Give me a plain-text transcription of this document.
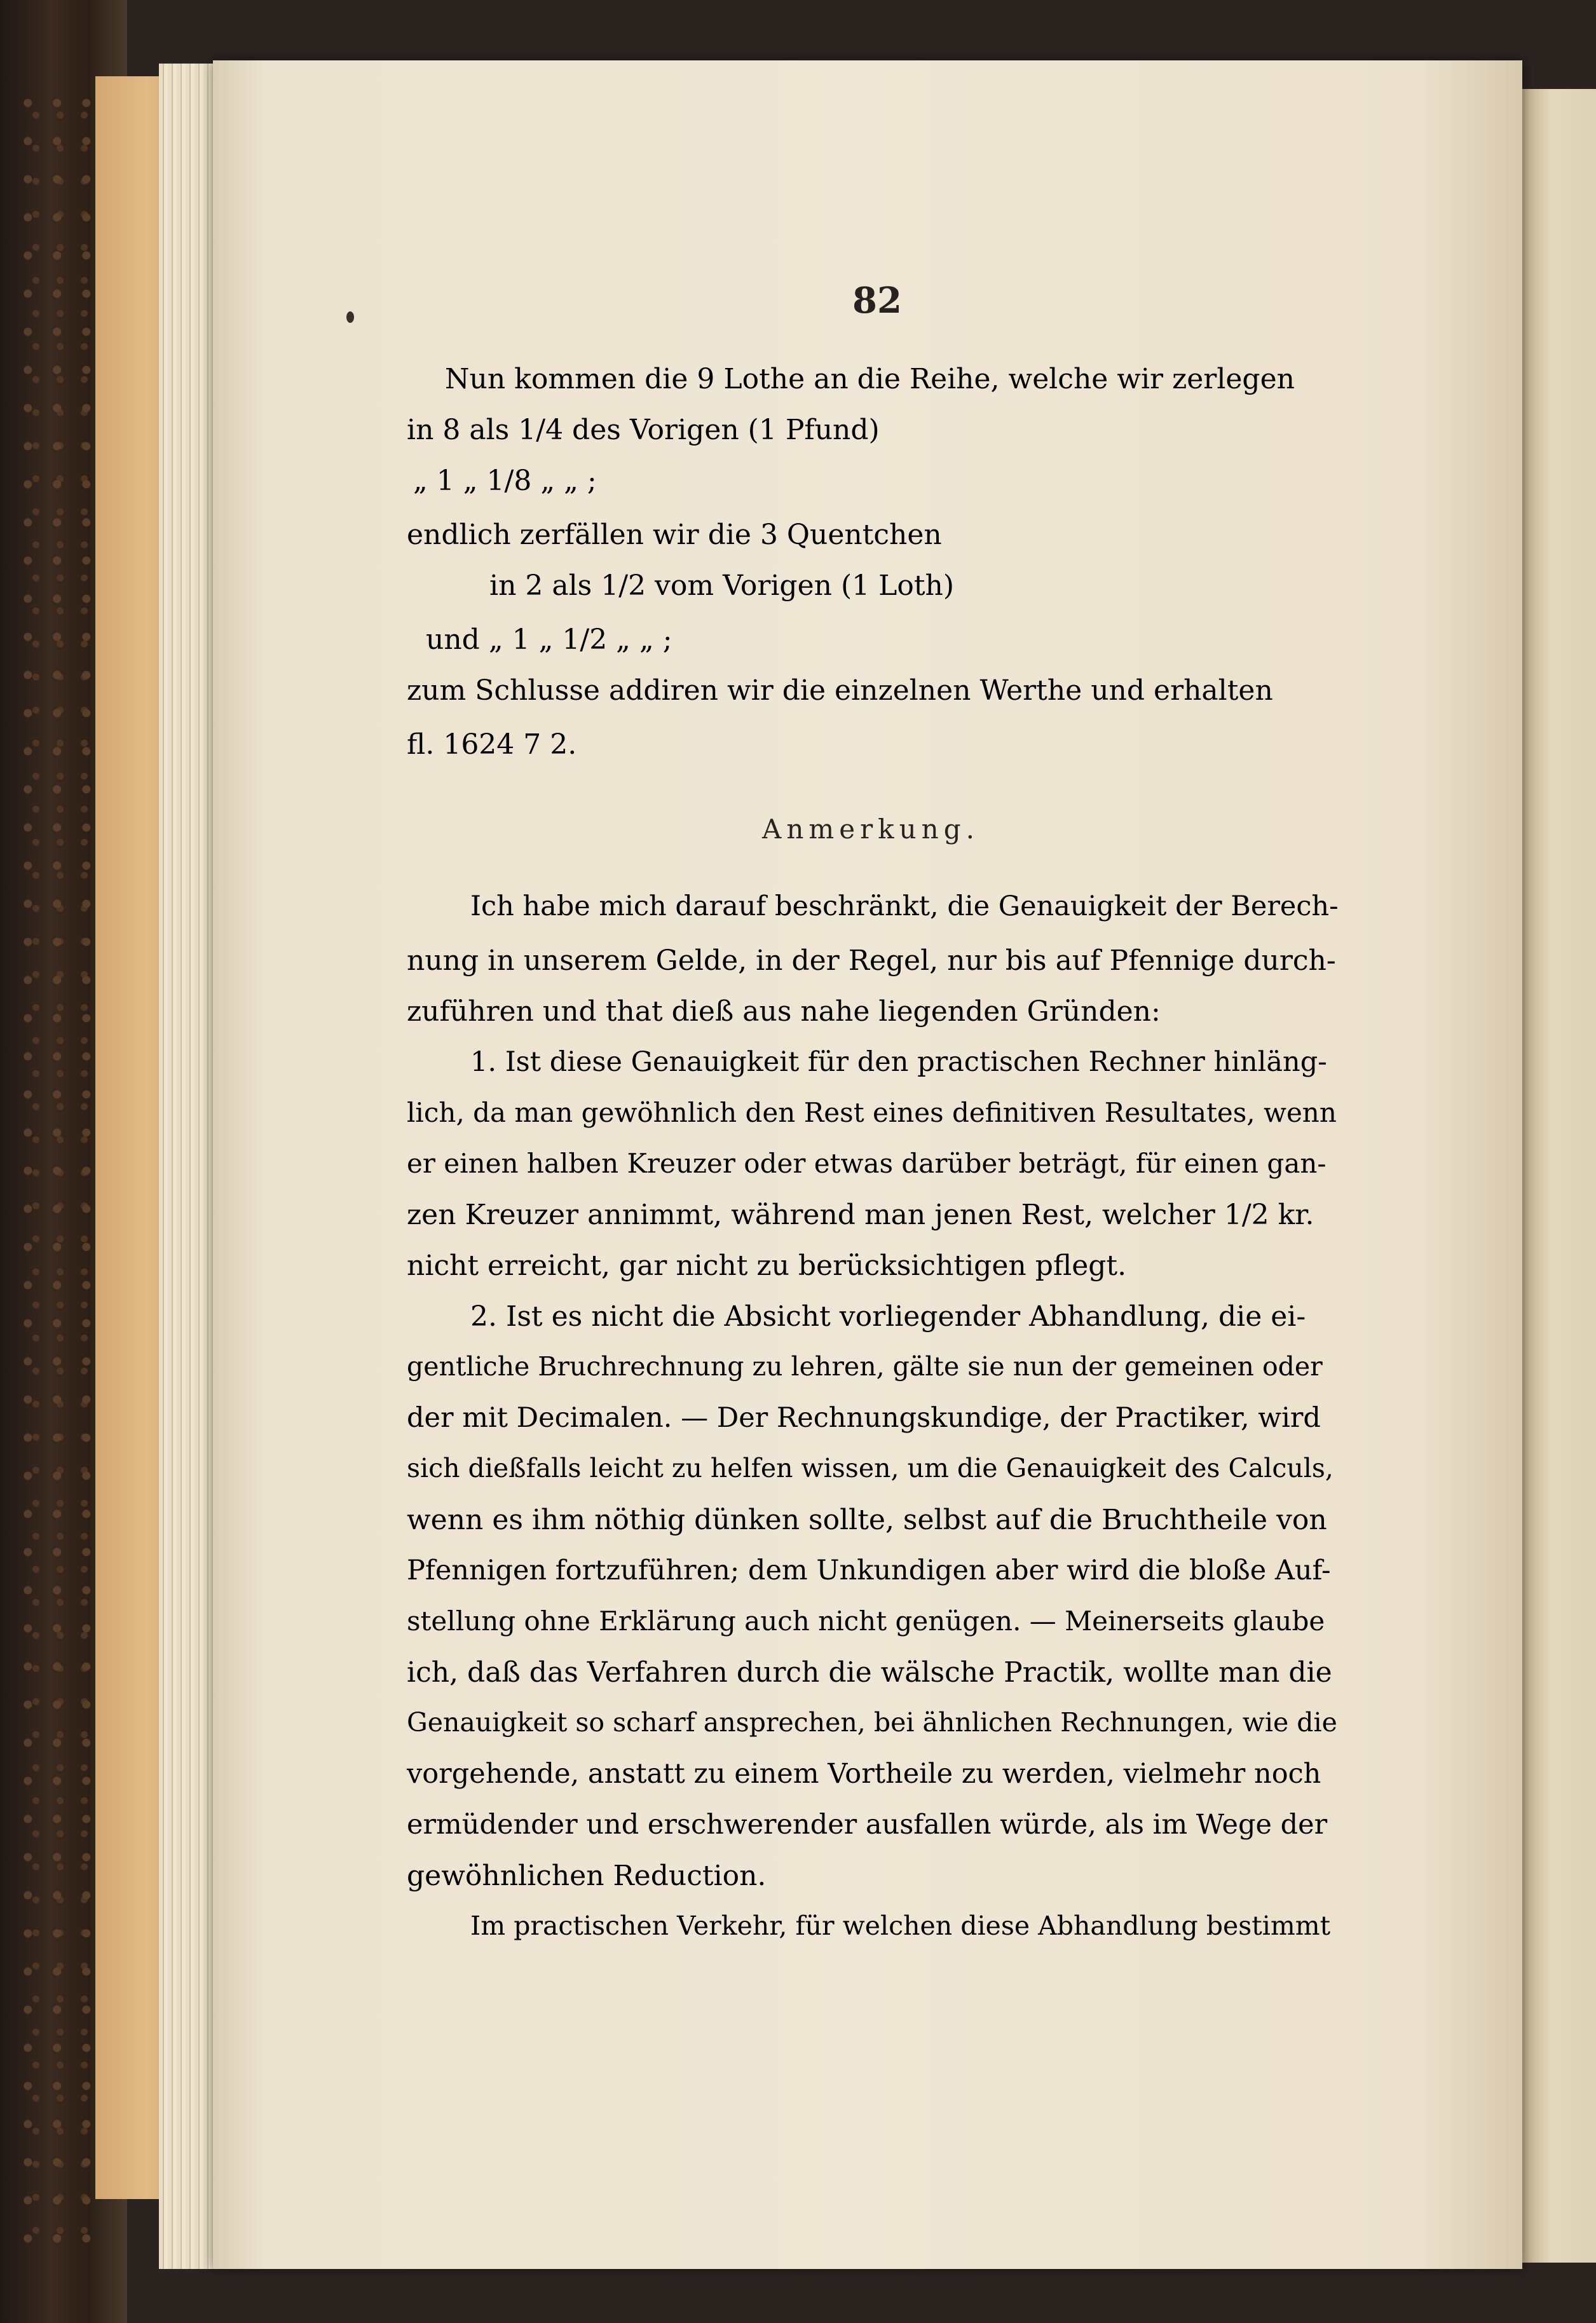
82
Nun kommen die 9 Lothe an die Reihe, welche wir zerlegen
in 8 als 1/4 des Vorigen (1 Pfund)
„ 1 „ 1/8 „ „ ;
endlich zerfällen wir die 3 Quentchen
in 2 als 1/2 vom Vorigen (1 Loth)
und „ 1 „ 1/2 „ „ ;
zum Schlusse addiren wir die einzelnen Werthe und erhalten
fl. 1624 7 2.
Anmerkung.
Ich habe mich darauf beschränkt, die Genauigkeit der Berech-
nung in unserem Gelde, in der Regel, nur bis auf Pfennige durch-
zuführen und that dieß aus nahe liegenden Gründen:
1. Ist diese Genauigkeit für den practischen Rechner hinläng-
lich, da man gewöhnlich den Rest eines definitiven Resultates, wenn
er einen halben Kreuzer oder etwas darüber beträgt, für einen gan-
zen Kreuzer annimmt, während man jenen Rest, welcher 1/2 kr.
nicht erreicht, gar nicht zu berücksichtigen pflegt.
2. Ist es nicht die Absicht vorliegender Abhandlung, die ei-
gentliche Bruchrechnung zu lehren, gälte sie nun der gemeinen oder
der mit Decimalen. — Der Rechnungskundige, der Practiker, wird
sich dießfalls leicht zu helfen wissen, um die Genauigkeit des Calculs,
wenn es ihm nöthig dünken sollte, selbst auf die Bruchtheile von
Pfennigen fortzuführen; dem Unkundigen aber wird die bloße Auf-
stellung ohne Erklärung auch nicht genügen. — Meinerseits glaube
ich, daß das Verfahren durch die wälsche Practik, wollte man die
Genauigkeit so scharf ansprechen, bei ähnlichen Rechnungen, wie die
vorgehende, anstatt zu einem Vortheile zu werden, vielmehr noch
ermüdender und erschwerender ausfallen würde, als im Wege der
gewöhnlichen Reduction.
Im practischen Verkehr, für welchen diese Abhandlung bestimmt
